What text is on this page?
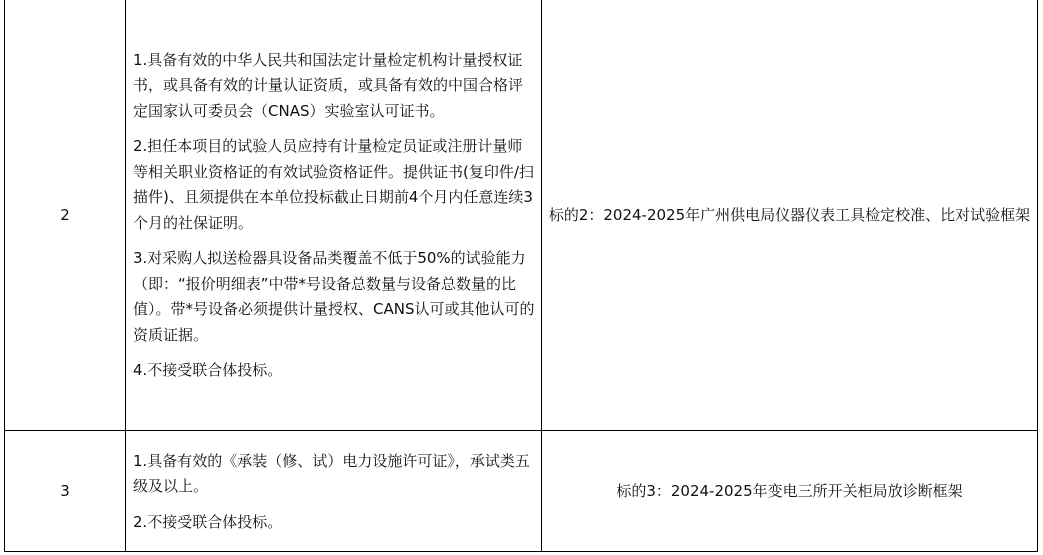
2	1.具备有效的中华人民共和国法定计量检定机构计量授权证书，或具备有效的计量认证资质，或具备有效的中国合格评定国家认可委员会（CNAS）实验室认可证书。

2.担任本项目的试验人员应持有计量检定员证或注册计量师等相关职业资格证的有效试验资格证件。提供证书(复印件/扫描件)、且须提供在本单位投标截止日期前4个月内任意连续3个月的社保证明。

3.对采购人拟送检器具设备品类覆盖不低于50%的试验能力（即：“报价明细表”中带*号设备总数量与设备总数量的比值）。带*号设备必须提供计量授权、CANS认可或其他认可的资质证据。

4.不接受联合体投标。	标的2：2024-2025年广州供电局仪器仪表工具检定校准、比对试验框架
3	1.具备有效的《承装（修、试）电力设施许可证》，承试类五级及以上。

2.不接受联合体投标。	标的3：2024-2025年变电三所开关柜局放诊断框架
